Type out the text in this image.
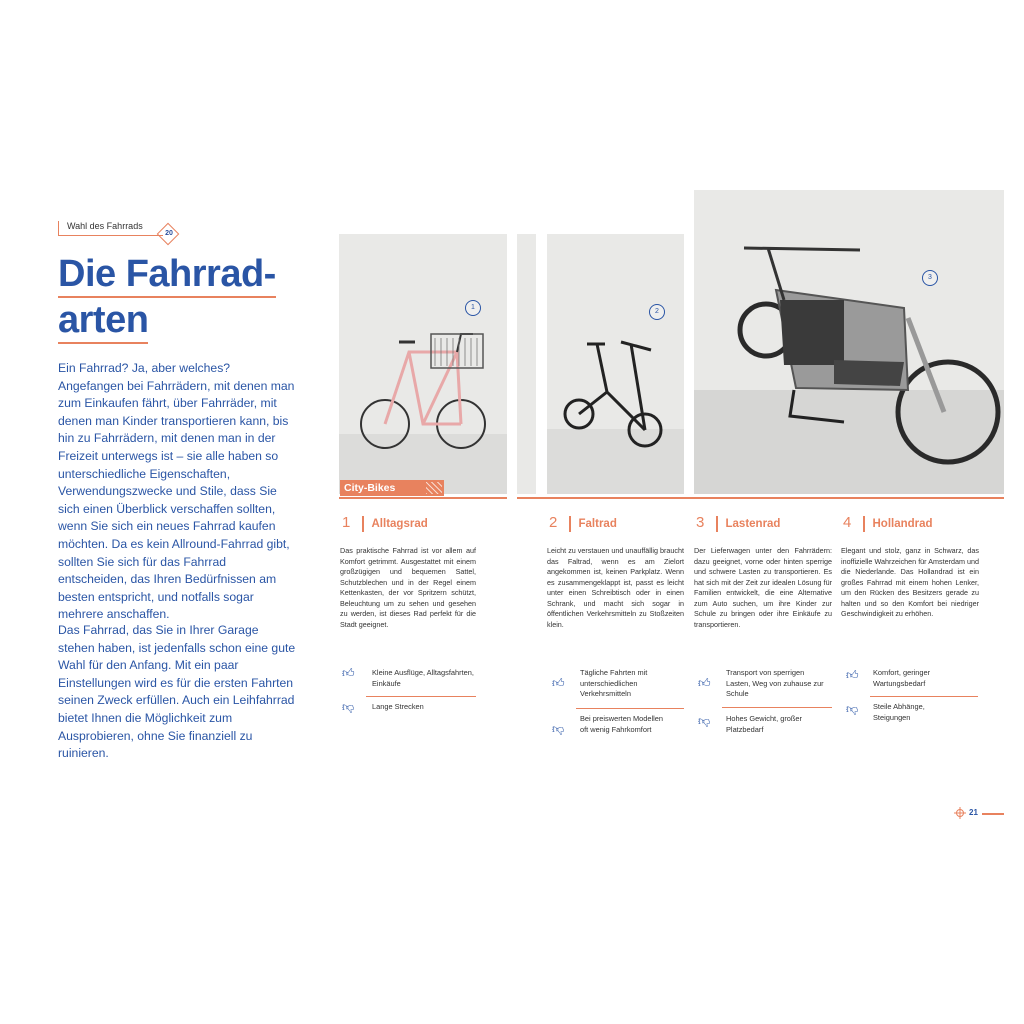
Wahl des Fahrrads
20
Die Fahrrad-
arten

Ein Fahrrad? Ja, aber welches? Angefangen bei Fahrrädern, mit denen man zum Einkaufen fährt, über Fahrräder, mit denen man Kinder transportieren kann, bis hin zu Fahrrädern, mit denen man in der Freizeit unterwegs ist – sie alle haben so unterschiedliche Eigenschaften, Verwendungszwecke und Stile, dass Sie sich einen Überblick verschaffen sollten, wenn Sie sich ein neues Fahrrad kaufen möchten. Da es kein Allround-Fahrrad gibt, sollten Sie sich für das Fahrrad entscheiden, das Ihren Bedürfnissen am besten entspricht, und notfalls sogar mehrere anschaffen.

Das Fahrrad, das Sie in Ihrer Garage stehen haben, ist jedenfalls schon eine gute Wahl für den Anfang. Mit ein paar Einstellungen wird es für die ersten Fahrten seinen Zweck erfüllen. Auch ein Leihfahrrad bietet Ihnen die Möglichkeit zum Ausprobieren, ohne Sie finanziell zu ruinieren.

1
City-Bikes
2
3
1 Alltagsrad
Das praktische Fahrrad ist vor allem auf Komfort getrimmt. Ausgestattet mit einem großzügigen und bequemen Sattel, Schutzblechen und in der Regel einem Kettenkasten, der vor Spritzern schützt, Beleuchtung um zu sehen und gesehen zu werden, ist dieses Rad perfekt für die Stadt geeignet.
👍︎ Kleine Ausflüge, Alltagsfahrten, Einkäufe
👎︎ Lange Strecken
2 Faltrad
Leicht zu verstauen und unauffällig braucht das Faltrad, wenn es am Zielort angekommen ist, keinen Parkplatz. Wenn es zusammengeklappt ist, passt es leicht unter einen Schreibtisch oder in einen Schrank, und macht sich sogar in öffentlichen Verkehrsmitteln zu Stoßzeiten klein.
👍︎
Tägliche Fahrten mit unterschiedlichen Verkehrsmitteln
👎︎
Bei preiswerten Modellen oft wenig Fahrkomfort
3 Lastenrad
Der Lieferwagen unter den Fahrrädern: dazu geeignet, vorne oder hinten sperrige und schwere Lasten zu transportieren. Es hat sich mit der Zeit zur idealen Lösung für Familien entwickelt, die eine Alternative zum Auto suchen, um ihre Kinder zur Schule zu bringen oder ihre Einkäufe zu transportieren.
👍︎
Transport von sperrigen Lasten, Weg von zuhause zur Schule
👎︎ Hohes Gewicht, großer Platzbedarf
4 Hollandrad
Elegant und stolz, ganz in Schwarz, das inoffizielle Wahrzeichen für Amsterdam und die Niederlande. Das Hollandrad ist ein großes Fahrrad mit einem hohen Lenker, um den Rücken des Besitzers gerade zu halten und so den Komfort bei niedriger Geschwindigkeit zu erhöhen.
👍︎ Komfort, geringer Wartungsbedarf
👎︎ Steile Abhänge, Steigungen
21
